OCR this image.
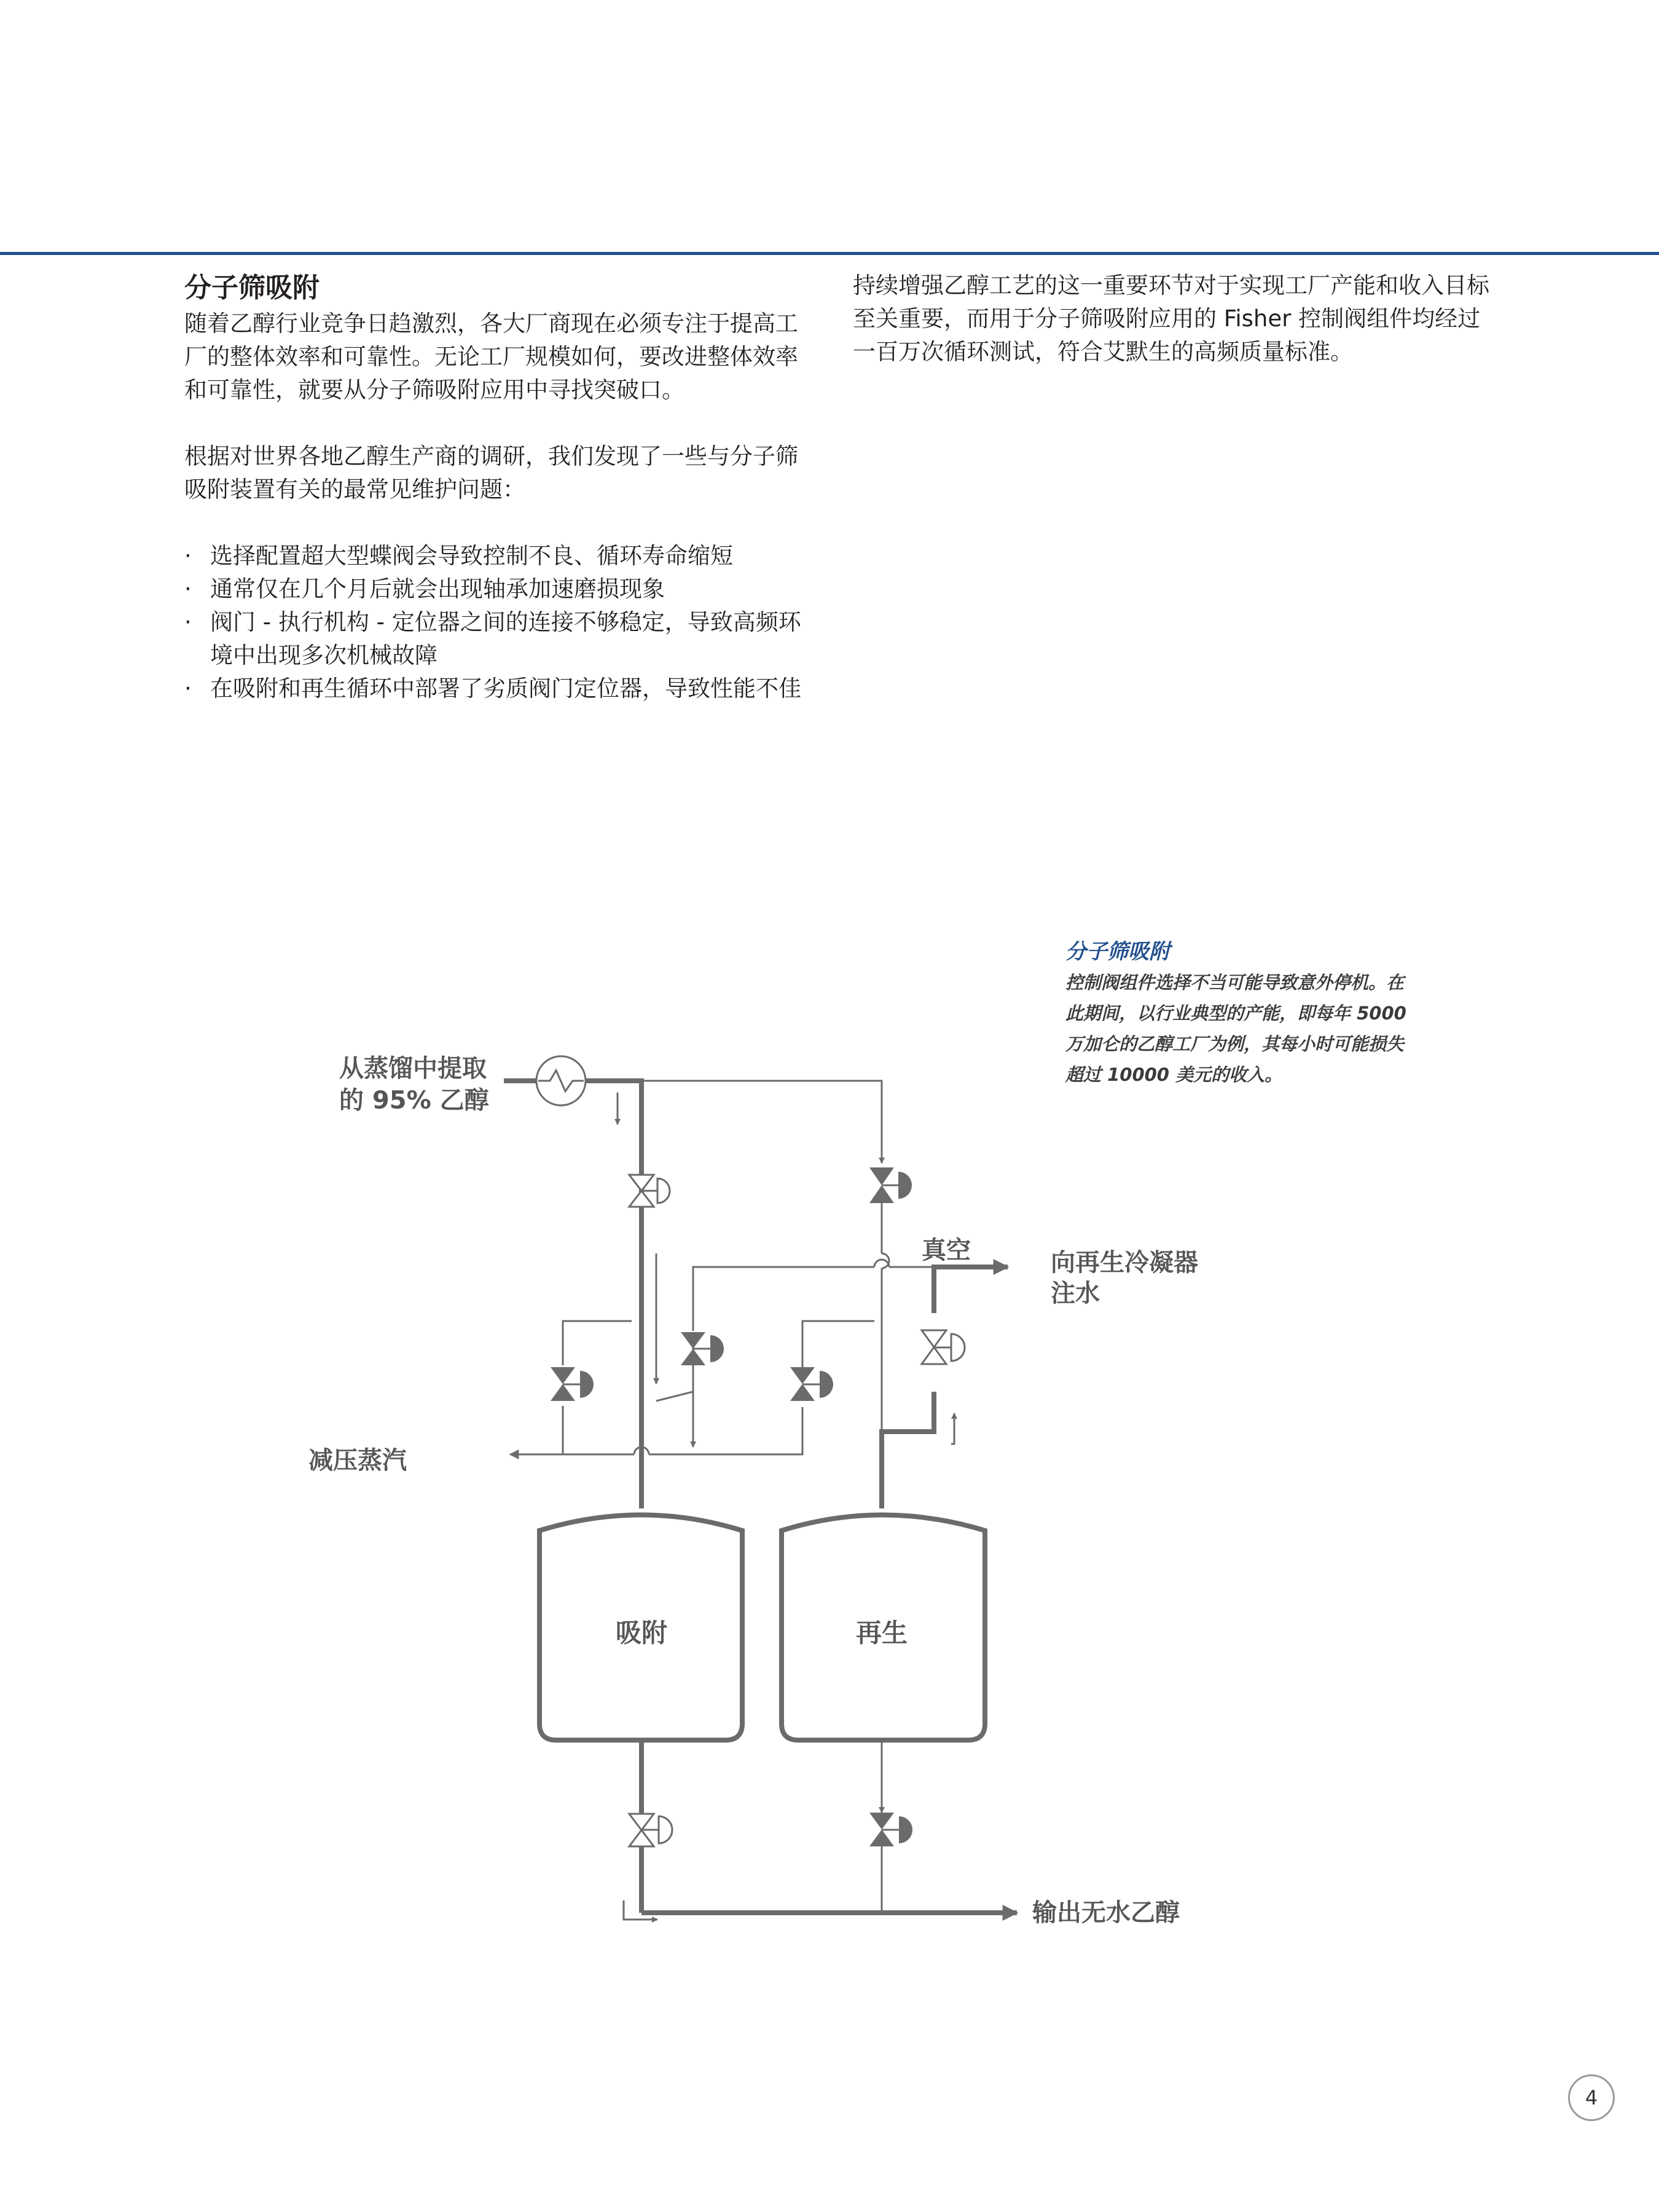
分子筛吸附

随着乙醇行业竞争日趋激烈，各大厂商现在必须专注于提高工厂的整体效率和可靠性。无论工厂规模如何，要改进整体效率和可靠性，就要从分子筛吸附应用中寻找突破口。

根据对世界各地乙醇生产商的调研，我们发现了一些与分子筛吸附装置有关的最常见维护问题：

· 选择配置超大型蝶阀会导致控制不良、循环寿命缩短
· 通常仅在几个月后就会出现轴承加速磨损现象
· 阀门 - 执行机构 - 定位器之间的连接不够稳定，导致高频环境中出现多次机械故障
· 在吸附和再生循环中部署了劣质阀门定位器，导致性能不佳

持续增强乙醇工艺的这一重要环节对于实现工厂产能和收入目标至关重要，而用于分子筛吸附应用的 Fisher 控制阀组件均经过一百万次循环测试，符合艾默生的高频质量标准。

分子筛吸附
控制阀组件选择不当可能导致意外停机。在此期间，以行业典型的产能，即每年 5000 万加仑的乙醇工厂为例，其每小时可能损失超过 10000 美元的收入。
从蒸馏中提取
的 95% 乙醇
真空	向再生冷凝器
注水
减压蒸汽
输出无水乙醇
吸附	再生
4
